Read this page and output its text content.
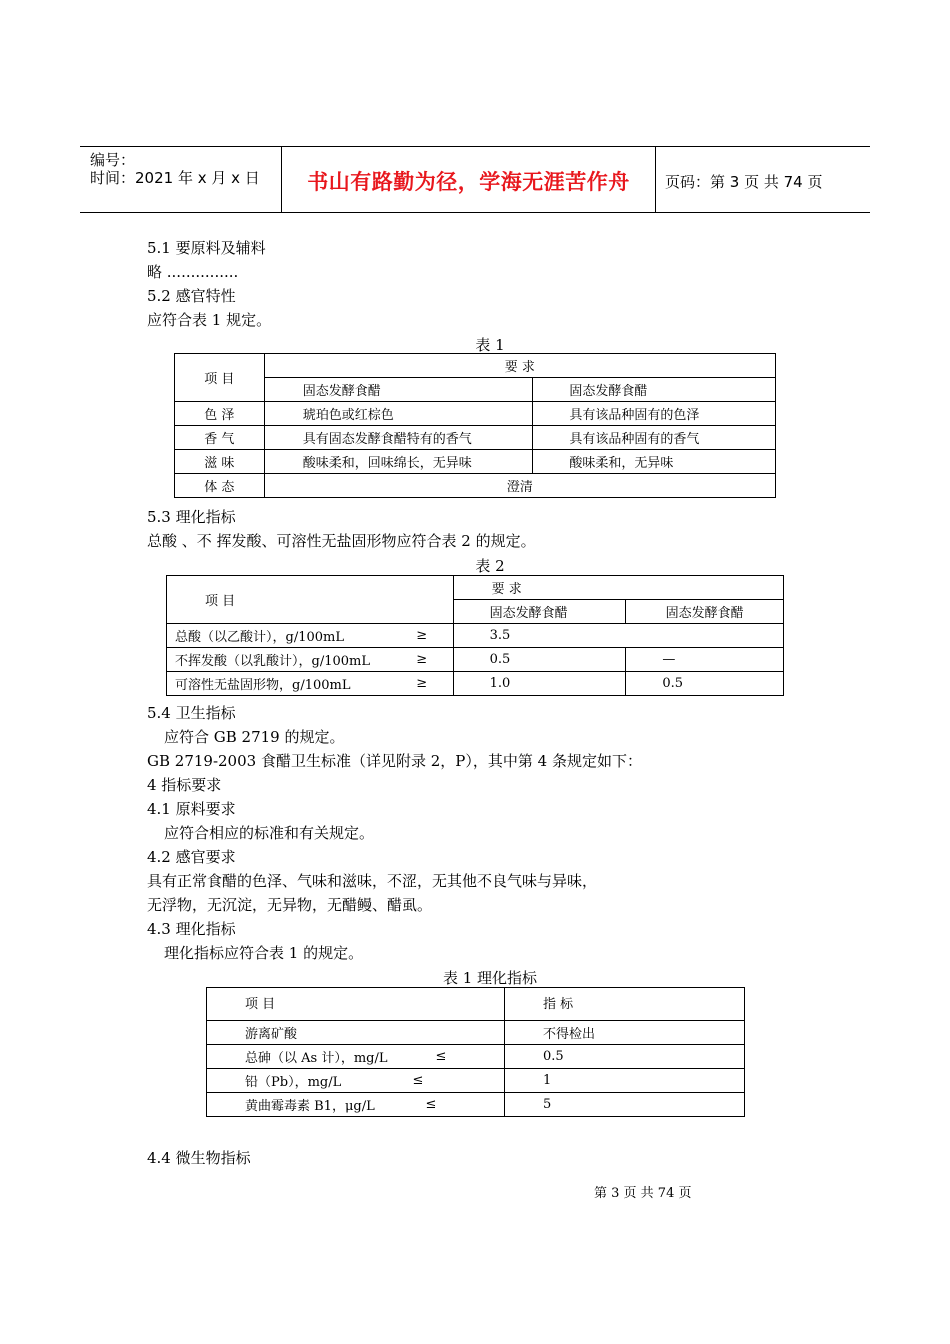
编号：
时间：2021 年 x 月 x 日	书山有路勤为径，学海无涯苦作舟	页码：第 3 页 共 74 页
5.1 要原料及辅料
略 ...............
5.2 感官特性
应符合表 1 规定。
表 1
项 目	要 求	
	固态发酵食醋	固态发酵食醋
色 泽	琥珀色或红棕色	具有该品种固有的色泽
香 气	具有固态发酵食醋特有的香气	具有该品种固有的香气
滋 味	酸味柔和，回味绵长，无异味	酸味柔和，无异味
体 态	澄清	
5.3 理化指标
总酸 、不 挥发酸、可溶性无盐固形物应符合表 2 的规定。
表 2
项 目		要 求	
		固态发酵食醋	固态发酵食醋
总酸（以乙酸计），g/100mL	≥	3.5	
不挥发酸（以乳酸计），g/100mL	≥	0.5	—
可溶性无盐固形物，g/100mL	≥	1.0	0.5
5.4 卫生指标
应符合 GB 2719 的规定。
GB 2719-2003 食醋卫生标准（详见附录 2，P），其中第 4 条规定如下：
4 指标要求
4.1 原料要求
应符合相应的标准和有关规定。
4.2 感官要求
具有正常食醋的色泽、气味和滋味，不涩，无其他不良气味与异味，
无浮物，无沉淀，无异物，无醋鳗、醋虱。
4.3 理化指标
理化指标应符合表 1 的规定。
表 1 理化指标
项 目		指 标
游离矿酸		不得检出
总砷（以 As 计），mg/L	≤	0.5
铅（Pb），mg/L	≤	1
黄曲霉毒素 B1，μg/L	≤	5
4.4 微生物指标
第 3 页 共 74 页
